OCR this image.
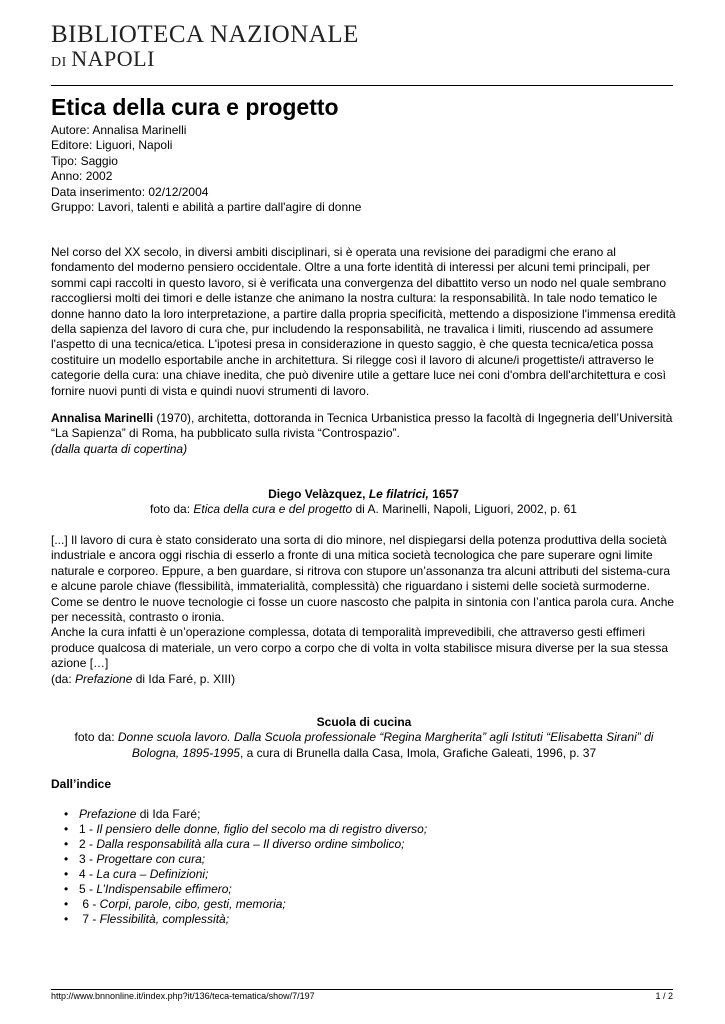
BIBLIOTECA NAZIONALE
DI NAPOLI
Etica della cura e progetto
Autore: Annalisa Marinelli
Editore: Liguori, Napoli
Tipo: Saggio
Anno: 2002
Data inserimento: 02/12/2004
Gruppo: Lavori, talenti e abilità a partire dall'agire di donne

Nel corso del XX secolo, in diversi ambiti disciplinari, si è operata una revisione dei paradigmi che erano al fondamento del moderno pensiero occidentale. Oltre a una forte identità di interessi per alcuni temi principali, per sommi capi raccolti in questo lavoro, si è verificata una convergenza del dibattito verso un nodo nel quale sembrano raccogliersi molti dei timori e delle istanze che animano la nostra cultura: la responsabilità. In tale nodo tematico le donne hanno dato la loro interpretazione, a partire dalla propria specificità, mettendo a disposizione l'immensa eredità della sapienza del lavoro di cura che, pur includendo la responsabilità, ne travalica i limiti, riuscendo ad assumere l'aspetto di una tecnica/etica. L'ipotesi presa in considerazione in questo saggio, è che questa tecnica/etica possa costituire un modello esportabile anche in architettura. Si rilegge così il lavoro di alcune/i progettiste/i attraverso le categorie della cura: una chiave inedita, che può divenire utile a gettare luce nei coni d'ombra dell'architettura e così fornire nuovi punti di vista e quindi nuovi strumenti di lavoro.

Annalisa Marinelli (1970), architetta, dottoranda in Tecnica Urbanistica presso la facoltà di Ingegneria dell’Università “La Sapienza” di Roma, ha pubblicato sulla rivista “Controspazio”.
(dalla quarta di copertina)

Diego Velàzquez, Le filatrici, 1657
foto da: Etica della cura e del progetto di A. Marinelli, Napoli, Liguori, 2002, p. 61
[...] Il lavoro di cura è stato considerato una sorta di dio minore, nel dispiegarsi della potenza produttiva della società industriale e ancora oggi rischia di esserlo a fronte di una mitica società tecnologica che pare superare ogni limite naturale e corporeo. Eppure, a ben guardare, si ritrova con stupore un’assonanza tra alcuni attributi del sistema-cura e alcune parole chiave (flessibilità, immaterialità, complessità) che riguardano i sistemi delle società surmoderne. Come se dentro le nuove tecnologie ci fosse un cuore nascosto che palpita in sintonia con l’antica parola cura. Anche per necessità, contrasto o ironia.
Anche la cura infatti è un’operazione complessa, dotata di temporalità imprevedibili, che attraverso gesti effimeri produce qualcosa di materiale, un vero corpo a corpo che di volta in volta stabilisce misura diverse per la sua stessa azione […]
(da: Prefazione di Ida Faré, p. XIII)
Scuola di cucina
foto da: Donne scuola lavoro. Dalla Scuola professionale “Regina Margherita” agli Istituti “Elisabetta Sirani” di Bologna, 1895-1995, a cura di Brunella dalla Casa, Imola, Grafiche Galeati, 1996, p. 37
Dall’indice
• Prefazione di Ida Faré;
• 1 - Il pensiero delle donne, figlio del secolo ma di registro diverso;
• 2 - Dalla responsabilità alla cura – Il diverso ordine simbolico;
• 3 - Progettare con cura;
• 4 - La cura – Definizioni;
• 5 - L’Indispensabile effimero;
•  6 - Corpi, parole, cibo, gesti, memoria;
•  7 - Flessibilità, complessità;
http://www.bnnonline.it/index.php?it/136/teca-tematica/show/7/197	1 / 2
